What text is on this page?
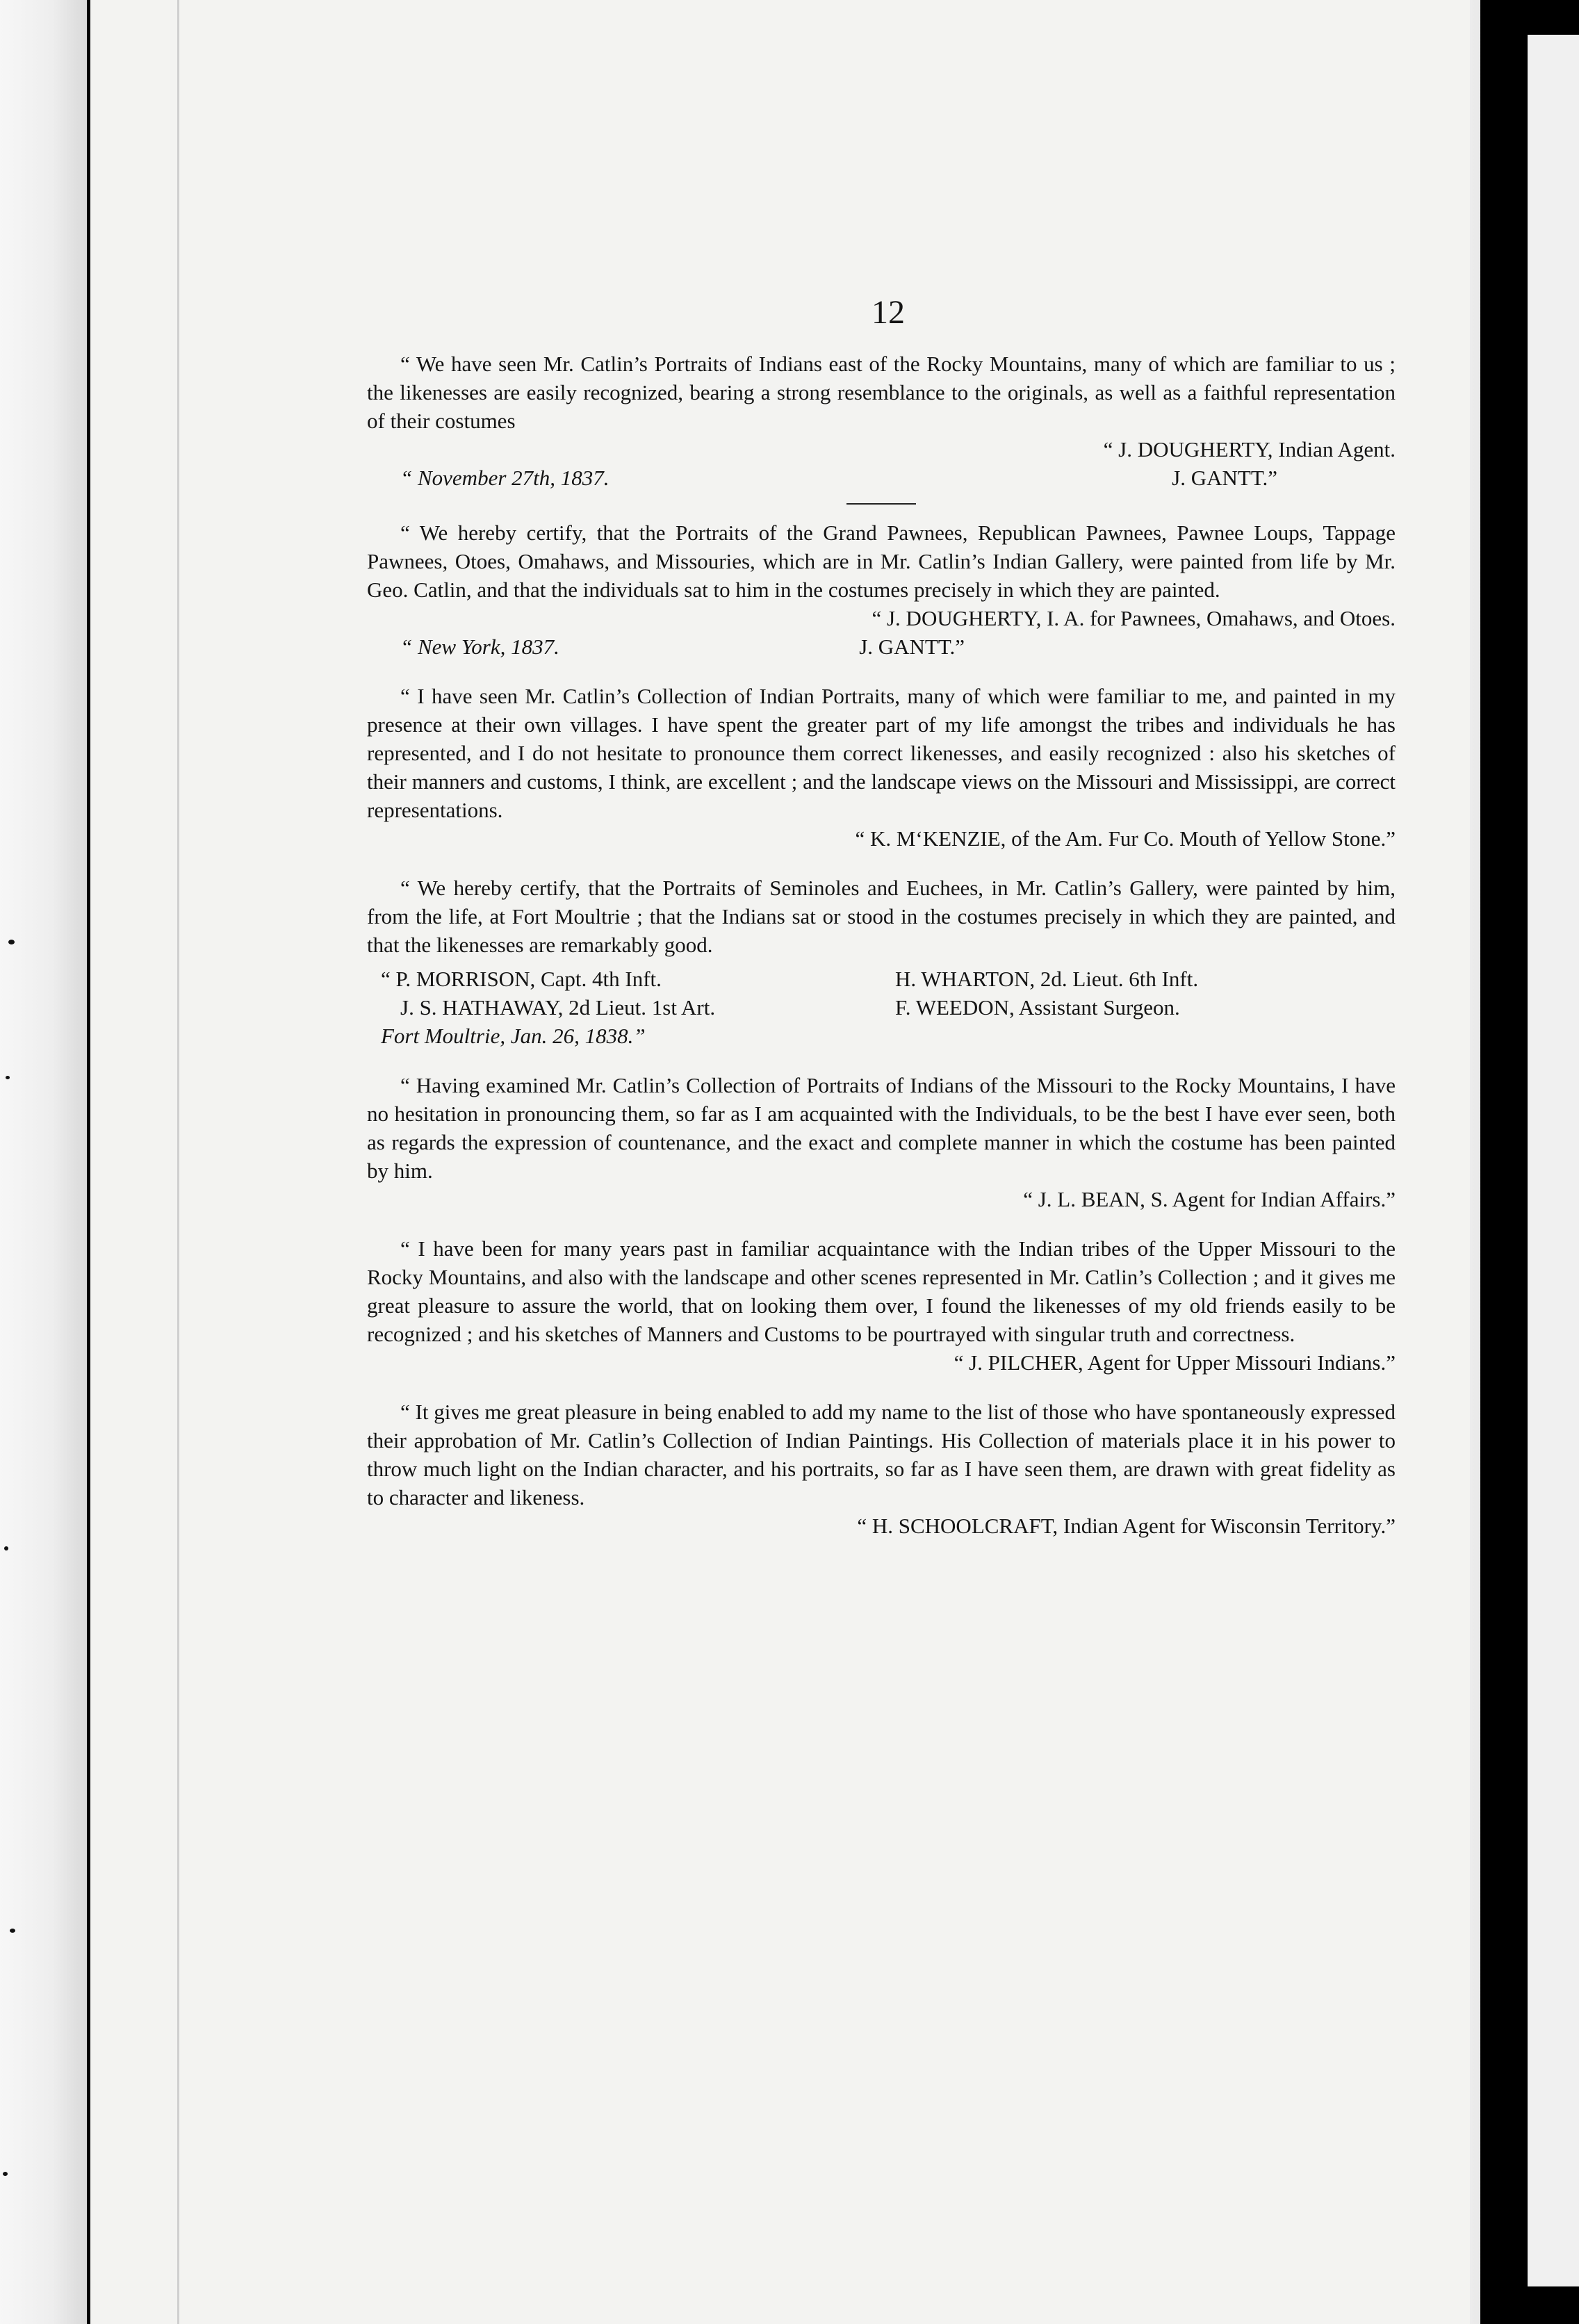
12

“ We have seen Mr. Catlin’s Portraits of Indians east of the Rocky Mountains, many of which are familiar to us ; the likenesses are easily recognized, bearing a strong resemblance to the originals, as well as a faithful representation of their costumes

“ J. DOUGHERTY, Indian Agent.

“ November 27th, 1837.	J. GANTT.”

“ We hereby certify, that the Portraits of the Grand Pawnees, Republican Pawnees, Pawnee Loups, Tappage Pawnees, Otoes, Omahaws, and Missouries, which are in Mr. Catlin’s Indian Gallery, were painted from life by Mr. Geo. Catlin, and that the individuals sat to him in the costumes precisely in which they are painted.

“ J. DOUGHERTY, I. A. for Pawnees, Omahaws, and Otoes.

“ New York, 1837.	J. GANTT.”

“ I have seen Mr. Catlin’s Collection of Indian Portraits, many of which were familiar to me, and painted in my presence at their own villages. I have spent the greater part of my life amongst the tribes and individuals he has represented, and I do not hesitate to pronounce them correct likenesses, and easily recognized : also his sketches of their manners and customs, I think, are excellent ; and the landscape views on the Missouri and Mississippi, are correct representations.

“ K. M‘KENZIE, of the Am. Fur Co. Mouth of Yellow Stone.”

“ We hereby certify, that the Portraits of Seminoles and Euchees, in Mr. Catlin’s Gallery, were painted by him, from the life, at Fort Moultrie ; that the Indians sat or stood in the costumes precisely in which they are painted, and that the likenesses are remarkably good.

“ P. MORRISON, Capt. 4th Inft.	H. WHARTON, 2d. Lieut. 6th Inft.
J. S. HATHAWAY, 2d Lieut. 1st Art.	F. WEEDON, Assistant Surgeon.
Fort Moultrie, Jan. 26, 1838.”

“ Having examined Mr. Catlin’s Collection of Portraits of Indians of the Missouri to the Rocky Mountains, I have no hesitation in pronouncing them, so far as I am acquainted with the Individuals, to be the best I have ever seen, both as regards the expression of countenance, and the exact and complete manner in which the costume has been painted by him.

“ J. L. BEAN, S. Agent for Indian Affairs.”

“ I have been for many years past in familiar acquaintance with the Indian tribes of the Upper Missouri to the Rocky Mountains, and also with the landscape and other scenes represented in Mr. Catlin’s Collection ; and it gives me great pleasure to assure the world, that on looking them over, I found the likenesses of my old friends easily to be recognized ; and his sketches of Manners and Customs to be pourtrayed with singular truth and correctness.

“ J. PILCHER, Agent for Upper Missouri Indians.”

“ It gives me great pleasure in being enabled to add my name to the list of those who have spontaneously expressed their approbation of Mr. Catlin’s Collection of Indian Paintings. His Collection of materials place it in his power to throw much light on the Indian character, and his portraits, so far as I have seen them, are drawn with great fidelity as to character and likeness.

“ H. SCHOOLCRAFT, Indian Agent for Wisconsin Territory.”
